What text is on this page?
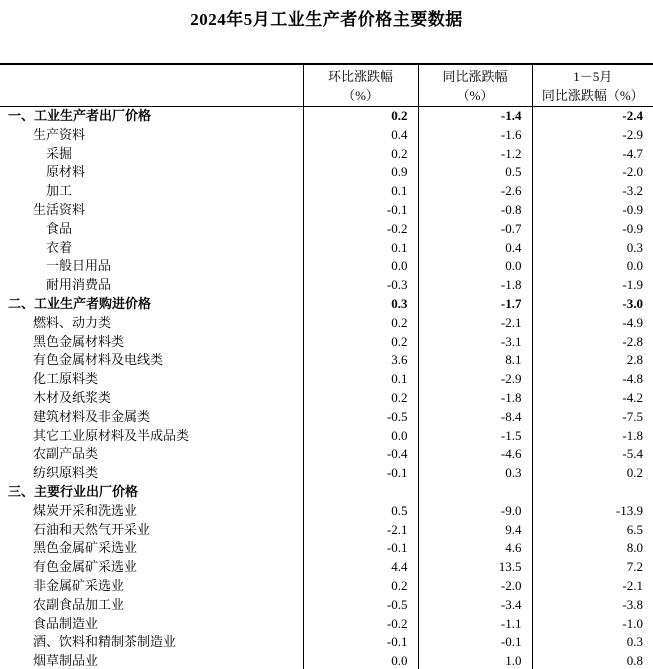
2024年5月工业生产者价格主要数据

环比涨跌幅
（%）

同比涨跌幅
（%）

1－5月
同比涨跌幅（%）

一、工业生产者出厂价格	0.2	-1.4	-2.4
生产资料	0.4	-1.6	-2.9
采掘	0.2	-1.2	-4.7
原材料	0.9	0.5	-2.0
加工	0.1	-2.6	-3.2
生活资料	-0.1	-0.8	-0.9
食品	-0.2	-0.7	-0.9
衣着	0.1	0.4	0.3
一般日用品	0.0	0.0	0.0
耐用消费品	-0.3	-1.8	-1.9
二、工业生产者购进价格	0.3	-1.7	-3.0
燃料、动力类	0.2	-2.1	-4.9
黑色金属材料类	0.2	-3.1	-2.8
有色金属材料及电线类	3.6	8.1	2.8
化工原料类	0.1	-2.9	-4.8
木材及纸浆类	0.2	-1.8	-4.2
建筑材料及非金属类	-0.5	-8.4	-7.5
其它工业原材料及半成品类	0.0	-1.5	-1.8
农副产品类	-0.4	-4.6	-5.4
纺织原料类	-0.1	0.3	0.2
三、主要行业出厂价格			
煤炭开采和洗选业	0.5	-9.0	-13.9
石油和天然气开采业	-2.1	9.4	6.5
黑色金属矿采选业	-0.1	4.6	8.0
有色金属矿采选业	4.4	13.5	7.2
非金属矿采选业	0.2	-2.0	-2.1
农副食品加工业	-0.5	-3.4	-3.8
食品制造业	-0.2	-1.1	-1.0
酒、饮料和精制茶制造业	-0.1	-0.1	0.3
烟草制品业	0.0	1.0	0.8
